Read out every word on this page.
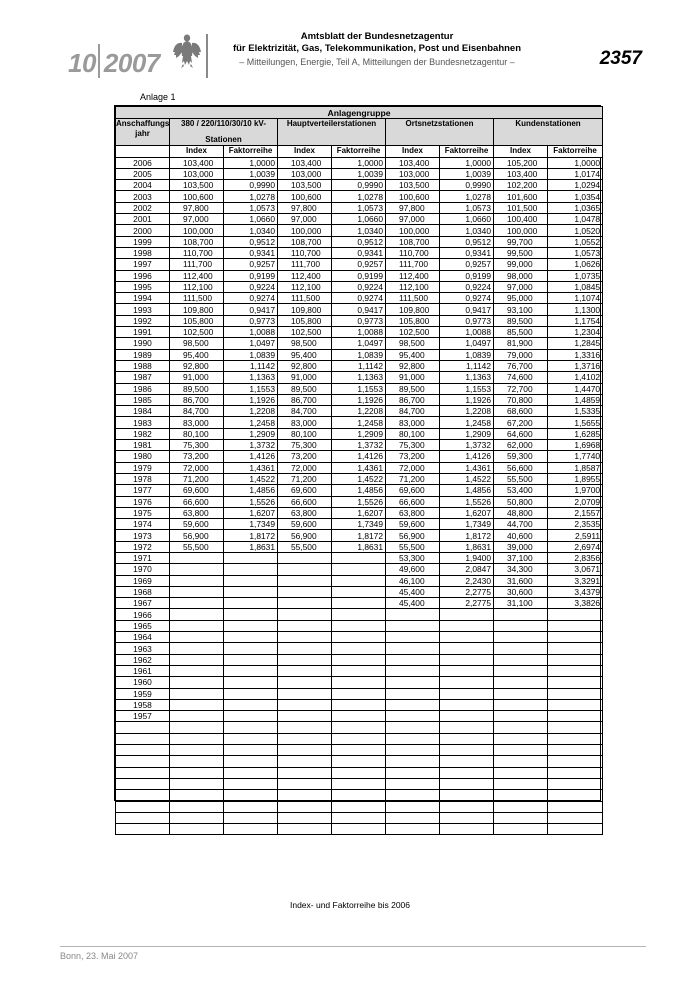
10 2007
Amtsblatt der Bundesnetzagentur
für Elektrizität, Gas, Telekommunikation, Post und Eisenbahnen
– Mitteilungen, Energie, Teil A, Mitteilungen der Bundesnetzagentur –	2357
Anlage 1
Anlagengruppe								

Anschaffungs
jahr	380 / 220/110/30/10 kV-		Hauptverteilerstationen		Ortsnetzstationen		Kundenstationen	
	Stationen							
	Index	Faktorreihe	Index	Faktorreihe	Index	Faktorreihe	Index	Faktorreihe
2006	103,400	1,0000	103,400	1,0000	103,400	1,0000	105,200	1,0000
2005	103,000	1,0039	103,000	1,0039	103,000	1,0039	103,400	1,0174
2004	103,500	0,9990	103,500	0,9990	103,500	0,9990	102,200	1,0294
2003	100,600	1,0278	100,600	1,0278	100,600	1,0278	101,600	1,0354
2002	97,800	1,0573	97,800	1,0573	97,800	1,0573	101,500	1,0365
2001	97,000	1,0660	97,000	1,0660	97,000	1,0660	100,400	1,0478
2000	100,000	1,0340	100,000	1,0340	100,000	1,0340	100,000	1,0520
1999	108,700	0,9512	108,700	0,9512	108,700	0,9512	99,700	1,0552
1998	110,700	0,9341	110,700	0,9341	110,700	0,9341	99,500	1,0573
1997	111,700	0,9257	111,700	0,9257	111,700	0,9257	99,000	1,0626
1996	112,400	0,9199	112,400	0,9199	112,400	0,9199	98,000	1,0735
1995	112,100	0,9224	112,100	0,9224	112,100	0,9224	97,000	1,0845
1994	111,500	0,9274	111,500	0,9274	111,500	0,9274	95,000	1,1074
1993	109,800	0,9417	109,800	0,9417	109,800	0,9417	93,100	1,1300
1992	105,800	0,9773	105,800	0,9773	105,800	0,9773	89,500	1,1754
1991	102,500	1,0088	102,500	1,0088	102,500	1,0088	85,500	1,2304
1990	98,500	1,0497	98,500	1,0497	98,500	1,0497	81,900	1,2845
1989	95,400	1,0839	95,400	1,0839	95,400	1,0839	79,000	1,3316
1988	92,800	1,1142	92,800	1,1142	92,800	1,1142	76,700	1,3716
1987	91,000	1,1363	91,000	1,1363	91,000	1,1363	74,600	1,4102
1986	89,500	1,1553	89,500	1,1553	89,500	1,1553	72,700	1,4470
1985	86,700	1,1926	86,700	1,1926	86,700	1,1926	70,800	1,4859
1984	84,700	1,2208	84,700	1,2208	84,700	1,2208	68,600	1,5335
1983	83,000	1,2458	83,000	1,2458	83,000	1,2458	67,200	1,5655
1982	80,100	1,2909	80,100	1,2909	80,100	1,2909	64,600	1,6285
1981	75,300	1,3732	75,300	1,3732	75,300	1,3732	62,000	1,6968
1980	73,200	1,4126	73,200	1,4126	73,200	1,4126	59,300	1,7740
1979	72,000	1,4361	72,000	1,4361	72,000	1,4361	56,600	1,8587
1978	71,200	1,4522	71,200	1,4522	71,200	1,4522	55,500	1,8955
1977	69,600	1,4856	69,600	1,4856	69,600	1,4856	53,400	1,9700
1976	66,600	1,5526	66,600	1,5526	66,600	1,5526	50,800	2,0709
1975	63,800	1,6207	63,800	1,6207	63,800	1,6207	48,800	2,1557
1974	59,600	1,7349	59,600	1,7349	59,600	1,7349	44,700	2,3535
1973	56,900	1,8172	56,900	1,8172	56,900	1,8172	40,600	2,5911
1972	55,500	1,8631	55,500	1,8631	55,500	1,8631	39,000	2,6974
1971					53,300	1,9400	37,100	2,8356
1970					49,600	2,0847	34,300	3,0671
1969					46,100	2,2430	31,600	3,3291
1968					45,400	2,2775	30,600	3,4379
1967					45,400	2,2775	31,100	3,3826
1966								
1965								
1964								
1963								
1962								
1961								
1960								
1959								
1958								
1957								

Index- und Faktorreihe bis 2006
Bonn, 23. Mai 2007
